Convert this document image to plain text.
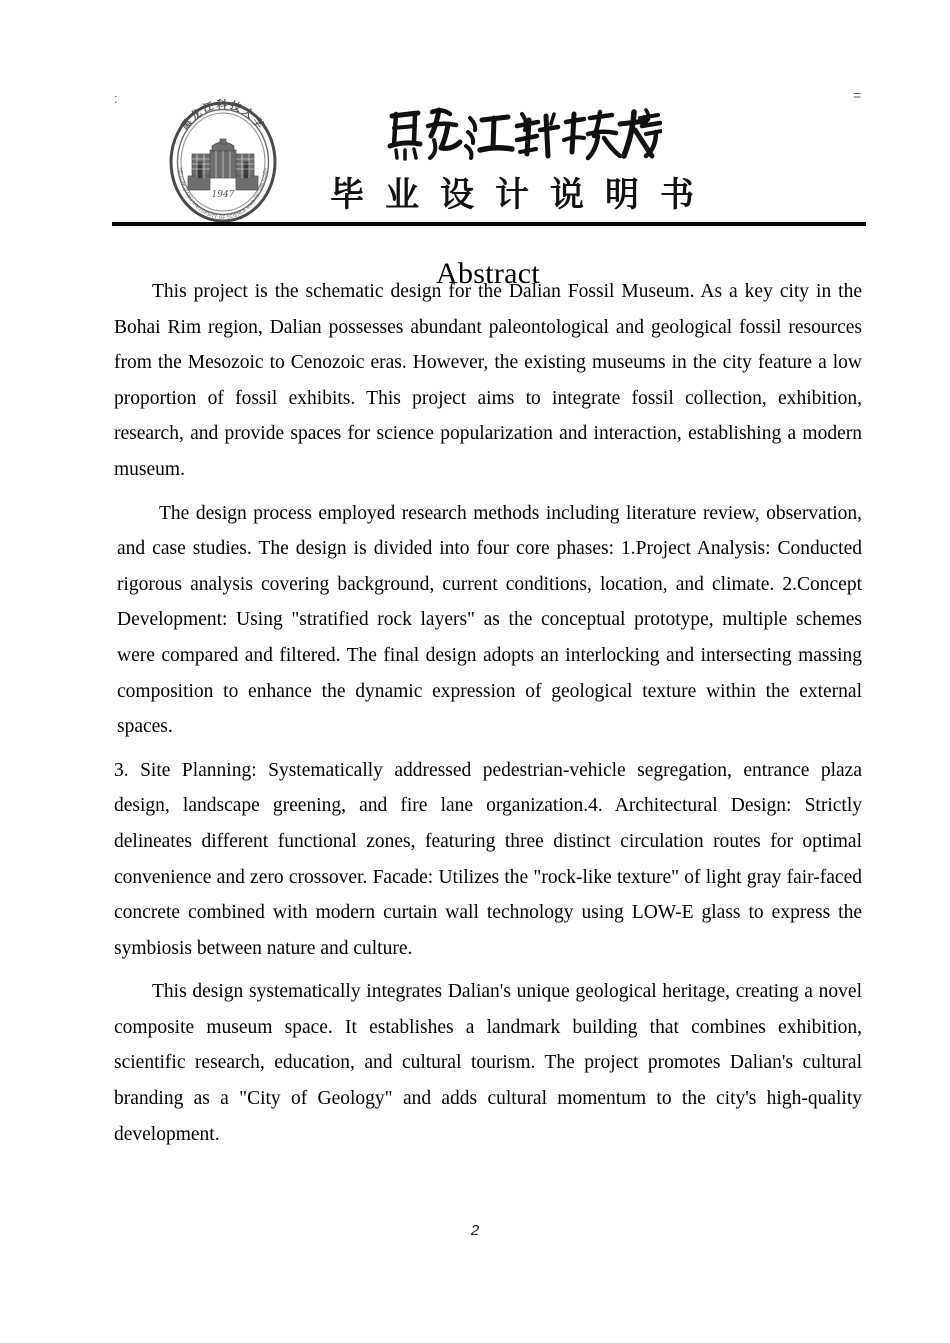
:	=
黑龙江科技大学
HEILONGJIANG UNIVERSITY OF SCIENCE AND TECHNOLOGY
1947	毕业设计说明书
Abstract

This project is the schematic design for the Dalian Fossil Museum. As a key city in the Bohai Rim region, Dalian possesses abundant paleontological and geological fossil resources from the Mesozoic to Cenozoic eras. However, the existing museums in the city feature a low proportion of fossil exhibits. This project aims to integrate fossil collection, exhibition, research, and provide spaces for science popularization and interaction, establishing a modern museum.

The design process employed research methods including literature review, observation, and case studies. The design is divided into four core phases: 1.Project Analysis: Conducted rigorous analysis covering background, current conditions, location, and climate. 2.Concept Development: Using "stratified rock layers" as the conceptual prototype, multiple schemes were compared and filtered. The final design adopts an interlocking and intersecting massing composition to enhance the dynamic expression of geological texture within the external spaces.

3. Site Planning: Systematically addressed pedestrian-vehicle segregation, entrance plaza design, landscape greening, and fire lane organization.4. Architectural Design: Strictly delineates different functional zones, featuring three distinct circulation routes for optimal convenience and zero crossover. Facade: Utilizes the "rock-like texture" of light gray fair-faced concrete combined with modern curtain wall technology using LOW-E glass to express the symbiosis between nature and culture.

This design systematically integrates Dalian's unique geological heritage, creating a novel composite museum space. It establishes a landmark building that combines exhibition, scientific research, education, and cultural tourism. The project promotes Dalian's cultural branding as a "City of Geology" and adds cultural momentum to the city's high-quality development.

2
